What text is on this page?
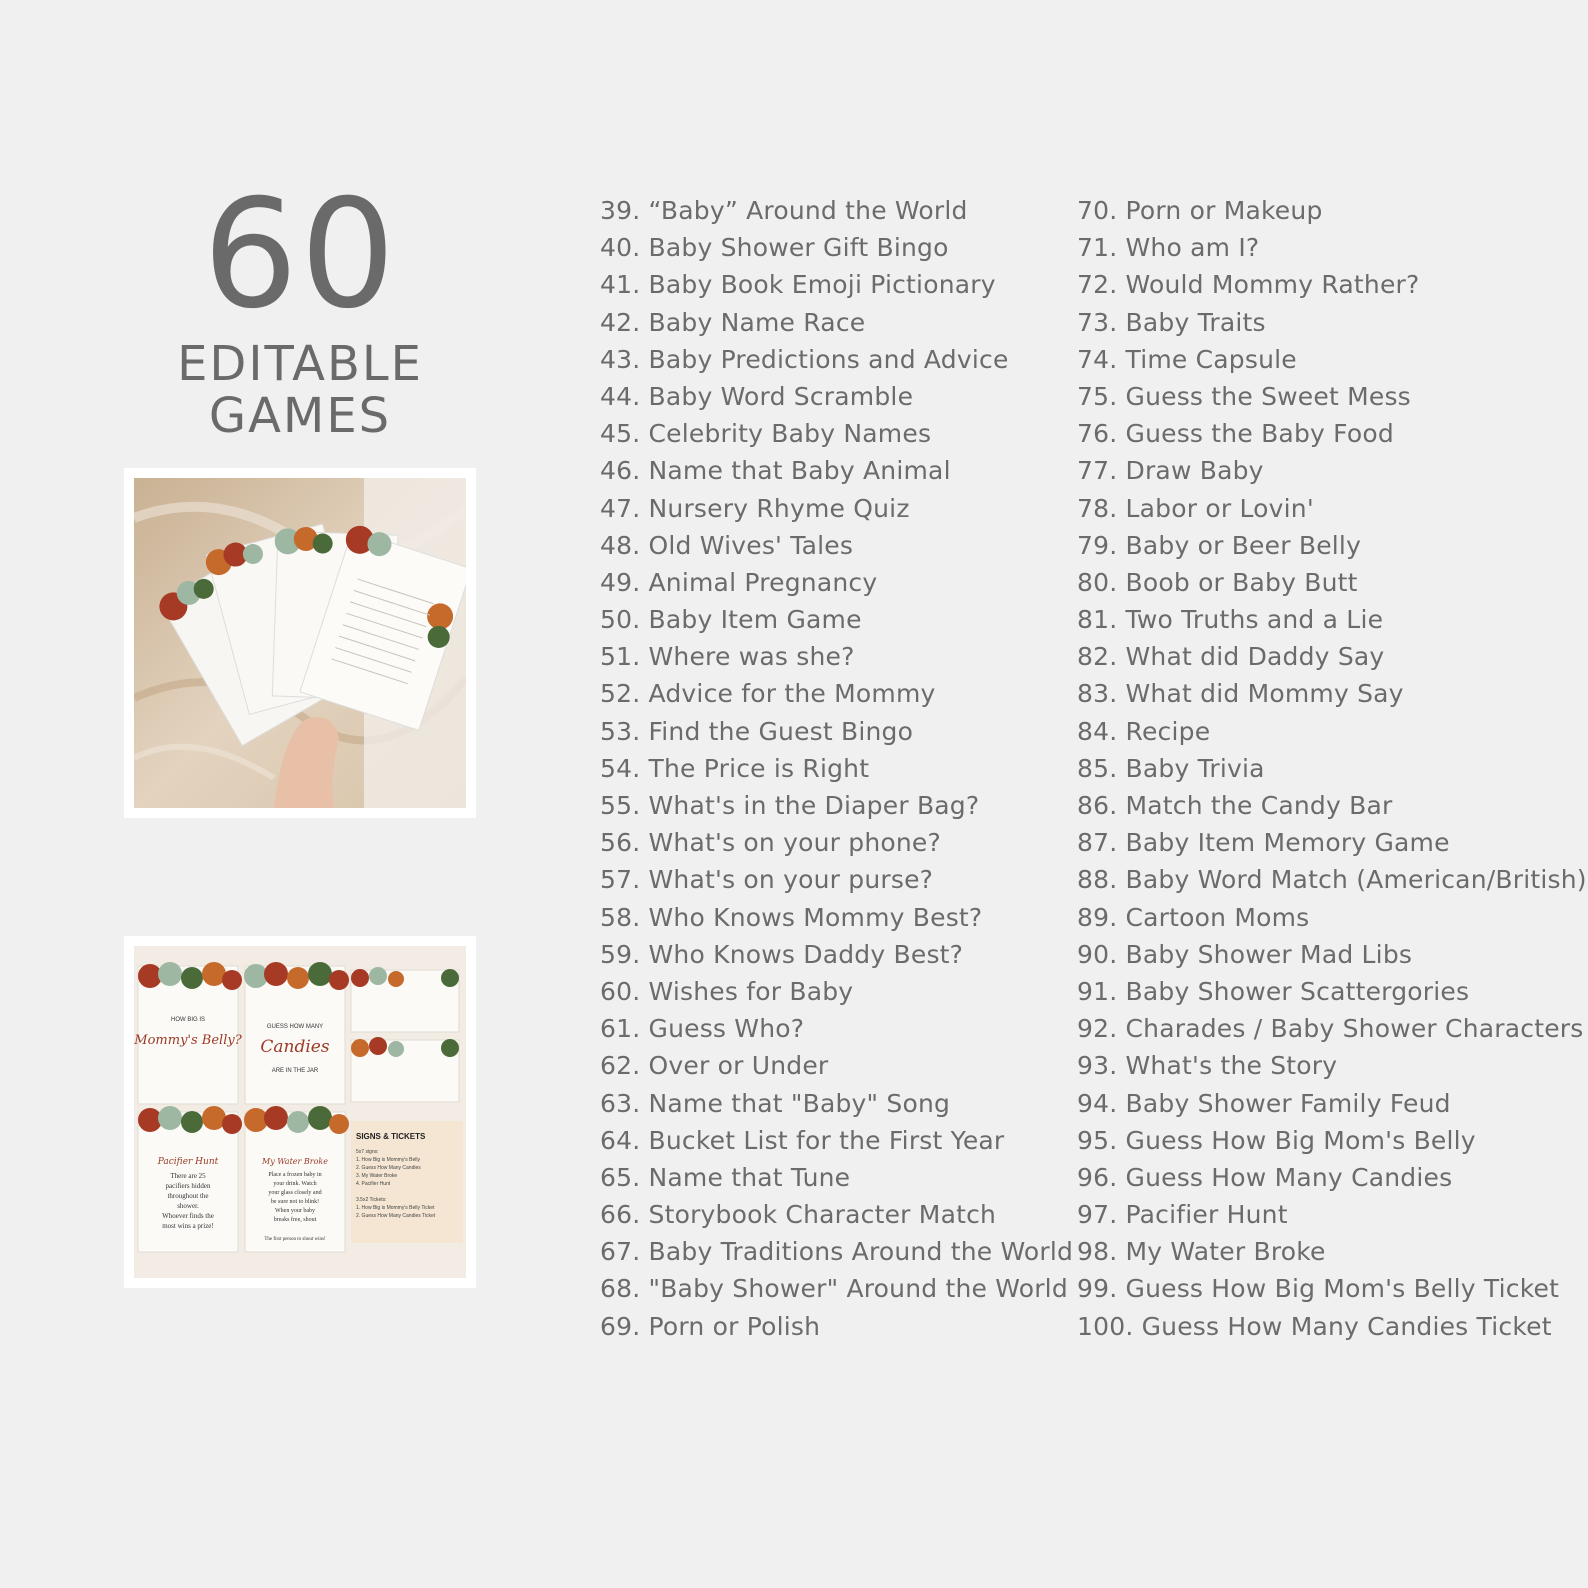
60
EDITABLE GAMES
HOW BIG IS
Mommy's Belly?
GUESS HOW MANY
Candies
ARE IN THE JAR
Pacifier Hunt
There are 25
pacifiers hidden
throughout the
shower.
Whoever finds the
most wins a prize!
My Water Broke
Place a frozen baby in
your drink. Watch
your glass closely and
be sure not to blink!
When your baby
breaks free, shout
The first person to shout wins!
SIGNS & TICKETS
5x7 signs:
1. How Big is Mommy's Belly
2. Guess How Many Candies
3. My Water Broke
4. Pacifier Hunt
3.5x2 Tickets:
1. How Big is Mommy's Belly Ticket
2. Guess How Many Candies Ticket
39. “Baby” Around the World
40. Baby Shower Gift Bingo
41. Baby Book Emoji Pictionary
42. Baby Name Race
43. Baby Predictions and Advice
44. Baby Word Scramble
45. Celebrity Baby Names
46. Name that Baby Animal
47. Nursery Rhyme Quiz
48. Old Wives' Tales
49. Animal Pregnancy
50. Baby Item Game
51. Where was she?
52. Advice for the Mommy
53. Find the Guest Bingo
54. The Price is Right
55. What's in the Diaper Bag?
56. What's on your phone?
57. What's on your purse?
58. Who Knows Mommy Best?
59. Who Knows Daddy Best?
60. Wishes for Baby
61. Guess Who?
62. Over or Under
63. Name that "Baby" Song
64. Bucket List for the First Year
65. Name that Tune
66. Storybook Character Match
67. Baby Traditions Around the World
68. "Baby Shower" Around the World
69. Porn or Polish
70. Porn or Makeup
71. Who am I?
72. Would Mommy Rather?
73. Baby Traits
74. Time Capsule
75. Guess the Sweet Mess
76. Guess the Baby Food
77. Draw Baby
78. Labor or Lovin'
79. Baby or Beer Belly
80. Boob or Baby Butt
81. Two Truths and a Lie
82. What did Daddy Say
83. What did Mommy Say
84. Recipe
85. Baby Trivia
86. Match the Candy Bar
87. Baby Item Memory Game
88. Baby Word Match (American/British)
89. Cartoon Moms
90. Baby Shower Mad Libs
91. Baby Shower Scattergories
92. Charades / Baby Shower Characters
93. What's the Story
94. Baby Shower Family Feud
95. Guess How Big Mom's Belly
96. Guess How Many Candies
97. Pacifier Hunt
98. My Water Broke
99. Guess How Big Mom's Belly Ticket
100. Guess How Many Candies Ticket
